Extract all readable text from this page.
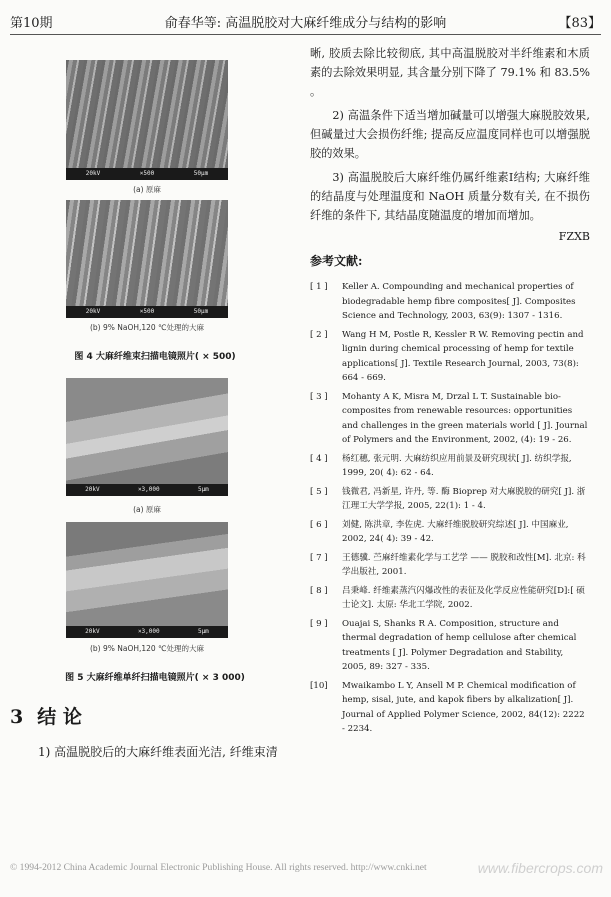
第10期	俞春华等: 高温脱胶对大麻纤维成分与结构的影响	【83】
20kV	×500	50μm
(a) 原麻
20kV	×500	50μm
(b) 9% NaOH,120 ℃处理的大麻
图 4 大麻纤维束扫描电镜照片( × 500)
20kV	×3,000	5μm
(a) 原麻
20kV	×3,000	5μm
(b) 9% NaOH,120 ℃处理的大麻
图 5 大麻纤维单纤扫描电镜照片( × 3 000)
3 结 论
1) 高温脱胶后的大麻纤维表面光洁, 纤维束清
晰, 胶质去除比较彻底, 其中高温脱胶对半纤维素和木质素的去除效果明显, 其含量分别下降了 79.1% 和 83.5% 。
2) 高温条件下适当增加碱量可以增强大麻脱胶效果, 但碱量过大会损伤纤维; 提高反应温度同样也可以增强脱胶的效果。
3) 高温脱胶后大麻纤维仍属纤维素Ⅰ结构; 大麻纤维的结晶度与处理温度和 NaOH 质量分数有关, 在不损伤纤维的条件下, 其结晶度随温度的增加而增加。
FZXB
参考文献:
[ 1 ]	Keller A. Compounding and mechanical properties of biodegradable hemp fibre composites[ J]. Composites Science and Technology, 2003, 63(9): 1307 - 1316.
[ 2 ]	Wang H M, Postle R, Kessler R W. Removing pectin and lignin during chemical processing of hemp for textile applications[ J]. Textile Research Journal, 2003, 73(8): 664 - 669.
[ 3 ]	Mohanty A K, Misra M, Drzal L T. Sustainable bio-composites from renewable resources: opportunities and challenges in the green materials world [ J]. Journal of Polymers and the Environment, 2002, (4): 19 - 26.
[ 4 ]	杨红穗, 张元明. 大麻纺织应用前景及研究现状[ J]. 纺织学报, 1999, 20( 4): 62 - 64.
[ 5 ]	钱微君, 冯新星, 许丹, 等. 酶 Bioprep 对大麻脱胶的研究[ J]. 浙江理工大学学报, 2005, 22(1): 1 - 4.
[ 6 ]	刘健, 陈洪章, 李佐虎. 大麻纤维脱胶研究综述[ J]. 中国麻业, 2002, 24( 4): 39 - 42.
[ 7 ]	王德骥. 苎麻纤维素化学与工艺学 —— 脱胶和改性[M]. 北京: 科学出版社, 2001.
[ 8 ]	吕秉峰. 纤维素蒸汽闪爆改性的表征及化学反应性能研究[D]:[ 硕士论文]. 太原: 华北工学院, 2002.
[ 9 ]	Ouajai S, Shanks R A. Composition, structure and thermal degradation of hemp cellulose after chemical treatments [ J]. Polymer Degradation and Stability, 2005, 89: 327 - 335.
[10]	Mwaikambo L Y, Ansell M P. Chemical modification of hemp, sisal, jute, and kapok fibers by alkalization[ J]. Journal of Applied Polymer Science, 2002, 84(12): 2222 - 2234.
© 1994-2012 China Academic Journal Electronic Publishing House. All rights reserved. http://www.cnki.net	www.fibercrops.com
